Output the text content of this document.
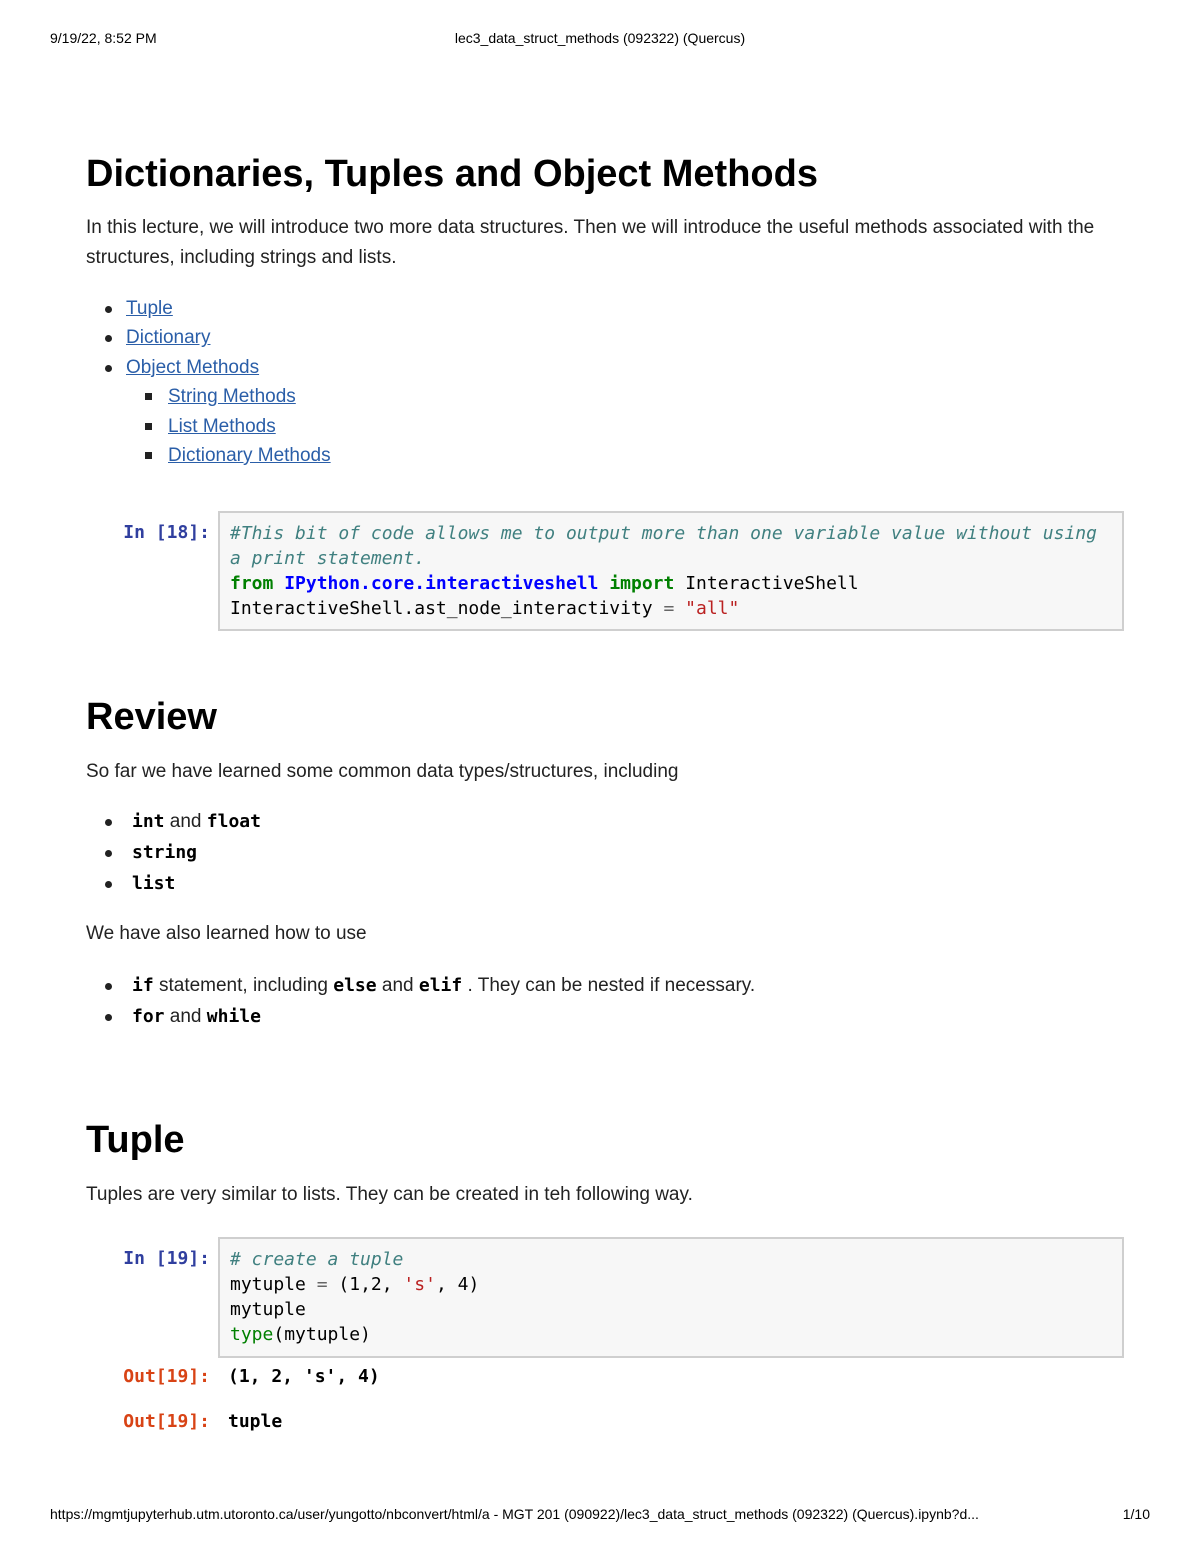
9/19/22, 8:52 PM	lec3_data_struct_methods (092322) (Quercus)
Dictionaries, Tuples and Object Methods

In this lecture, we will introduce two more data structures. Then we will introduce the useful methods associated with the structures, including strings and lists.

Tuple
Dictionary
Object Methods
String Methods
List Methods
Dictionary Methods
In [18]: #This bit of code allows me to output more than one variable value without using a print statement.
from IPython.core.interactiveshell import InteractiveShell
InteractiveShell.ast_node_interactivity = "all"
Review

So far we have learned some common data types/structures, including

int and float
string
list

We have also learned how to use

if statement, including else and elif . They can be nested if necessary.
for and while
Tuple

Tuples are very similar to lists. They can be created in teh following way.

In [19]: # create a tuple
mytuple = (1,2, 's', 4)
mytuple
type(mytuple)
Out[19]: (1, 2, 's', 4)
Out[19]: tuple
https://mgmtjupyterhub.utm.utoronto.ca/user/yungotto/nbconvert/html/a - MGT 201 (090922)/lec3_data_struct_methods (092322) (Quercus).ipynb?d...	1/10
